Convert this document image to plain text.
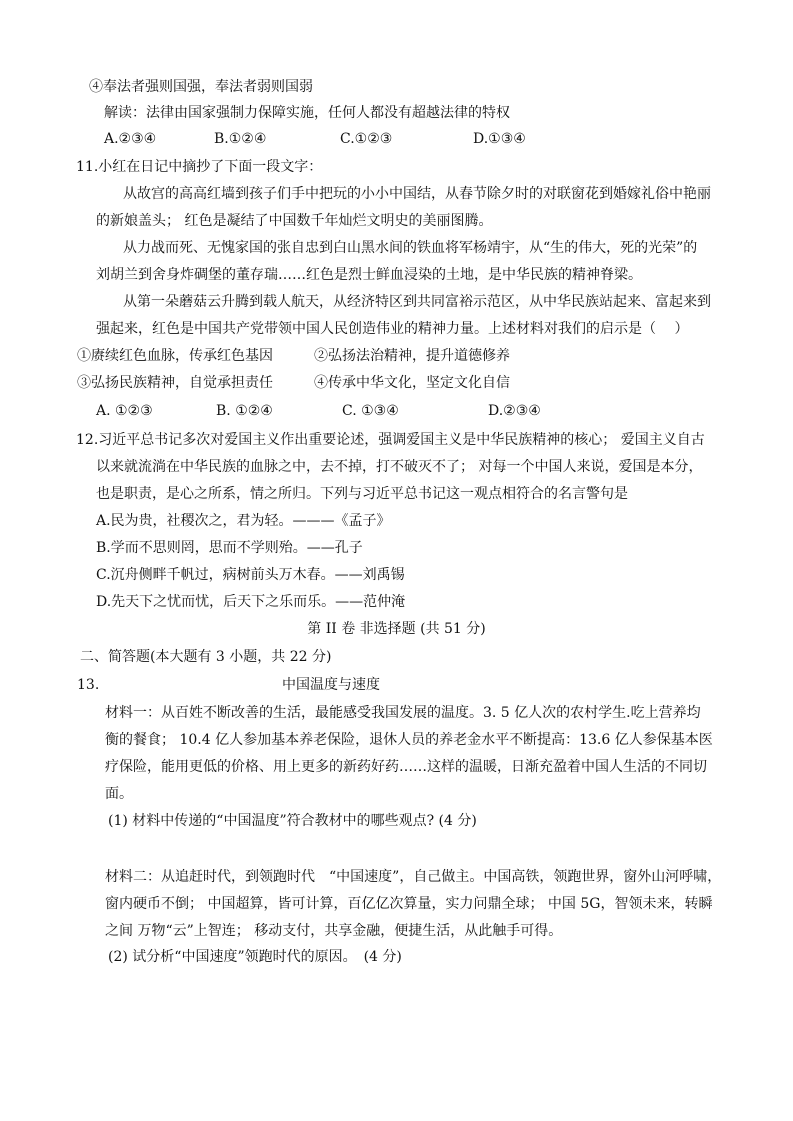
④奉法者强则国强，奉法者弱则国弱
解读：法律由国家强制力保障实施，任何人都没有超越法律的特权
A.②③④	B.①②④	C.①②③	D.①③④
11.小红在日记中摘抄了下面一段文字：
从故宫的高高红墙到孩子们手中把玩的小小中国结，从春节除夕时的对联窗花到婚嫁礼俗中艳丽
的新娘盖头； 红色是凝结了中国数千年灿烂文明史的美丽图腾。
从力战而死、无愧家国的张自忠到白山黑水间的铁血将军杨靖宇，从“生的伟大，死的光荣”的
刘胡兰到舍身炸碉堡的董存瑞……红色是烈士鲜血浸染的土地，是中华民族的精神脊梁。
从第一朵蘑菇云升腾到载人航天，从经济特区到共同富裕示范区，从中华民族站起来、富起来到
强起来，红色是中国共产党带领中国人民创造伟业的精神力量。上述材料对我们的启示是（　 ）
①赓续红色血脉，传承红色基因	②弘扬法治精神，提升道德修养
③弘扬民族精神，自觉承担责任	④传承中华文化，坚定文化自信
A. ①②③	B. ①②④	C. ①③④	D.②③④
12.习近平总书记多次对爱国主义作出重要论述，强调爱国主义是中华民族精神的核心； 爱国主义自古
以来就流淌在中华民族的血脉之中，去不掉，打不破灭不了； 对每一个中国人来说，爱国是本分，
也是职责，是心之所系，情之所归。下列与习近平总书记这一观点相符合的名言警句是
A.民为贵，社稷次之，君为轻。———《孟子》
B.学而不思则罔，思而不学则殆。——孔子
C.沉舟侧畔千帆过，病树前头万木春。——刘禹锡
D.先天下之忧而忧，后天下之乐而乐。——范仲淹
第 II 卷 非选择题 (共 51 分)
二、简答题(本大题有 3 小题，共 22 分)
13.	中国温度与速度
材料一：从百姓不断改善的生活，最能感受我国发展的温度。3. 5 亿人次的农村学生.吃上营养均
衡的餐食； 10.4 亿人参加基本养老保险，退休人员的养老金水平不断提高：13.6 亿人参保基本医
疗保险，能用更低的价格、用上更多的新药好药……这样的温暖，日渐充盈着中国人生活的不同切
面。
(1) 材料中传递的“中国温度”符合教材中的哪些观点? (4 分)
材料二：从追赶时代，到领跑时代　“中国速度”，自己做主。中国高铁，领跑世界，窗外山河呼啸，
窗内硬币不倒； 中国超算，皆可计算，百亿亿次算量，实力问鼎全球； 中国 5G，智领未来，转瞬
之间 万物“云”上智连； 移动支付，共享金融，便捷生活，从此触手可得。
(2) 试分析“中国速度”领跑时代的原因。　(4 分)
